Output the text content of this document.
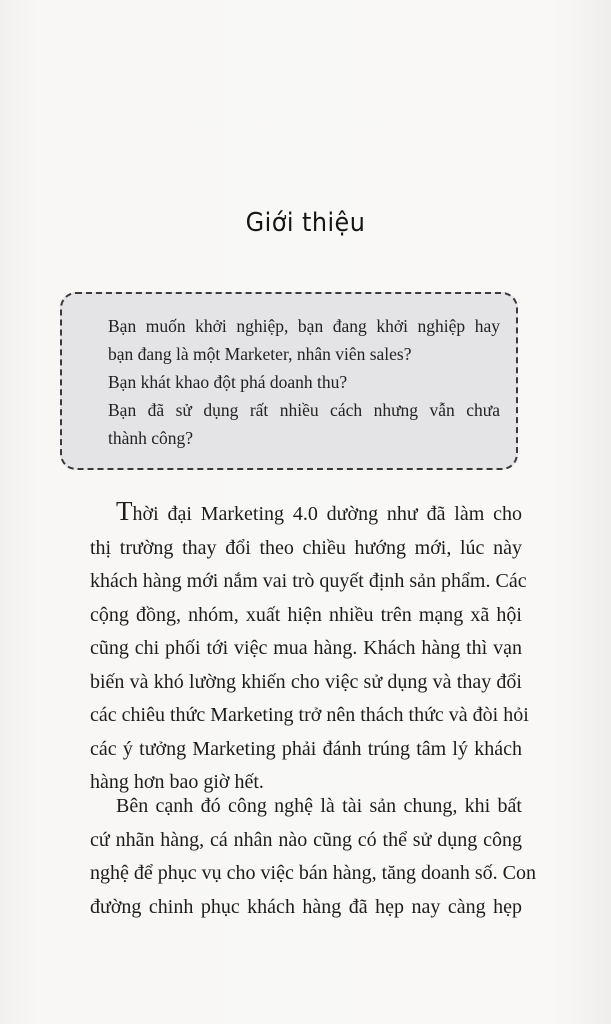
Giới thiệu
Bạn muốn khởi nghiệp, bạn đang khởi nghiệp hay
bạn đang là một Marketer, nhân viên sales?
Bạn khát khao đột phá doanh thu?
Bạn đã sử dụng rất nhiều cách nhưng vẫn chưa
thành công?
Thời đại Marketing 4.0 dường như đã làm cho
thị trường thay đổi theo chiều hướng mới, lúc này
khách hàng mới nắm vai trò quyết định sản phẩm. Các
cộng đồng, nhóm, xuất hiện nhiều trên mạng xã hội
cũng chi phối tới việc mua hàng. Khách hàng thì vạn
biến và khó lường khiến cho việc sử dụng và thay đổi
các chiêu thức Marketing trở nên thách thức và đòi hỏi
các ý tưởng Marketing phải đánh trúng tâm lý khách
hàng hơn bao giờ hết.
Bên cạnh đó công nghệ là tài sản chung, khi bất
cứ nhãn hàng, cá nhân nào cũng có thể sử dụng công
nghệ để phục vụ cho việc bán hàng, tăng doanh số. Con
đường chinh phục khách hàng đã hẹp nay càng hẹp
